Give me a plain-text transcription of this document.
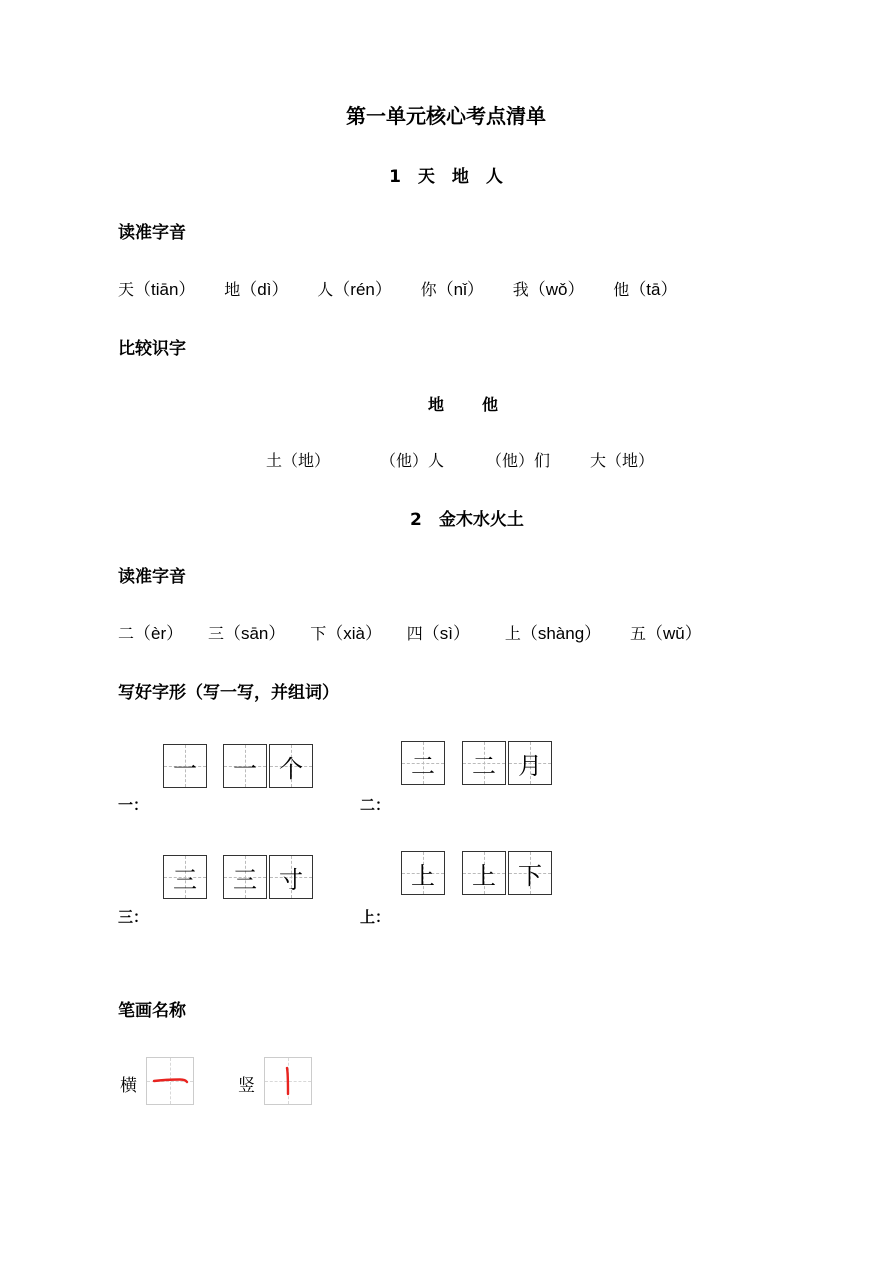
第一单元核心考点清单
1　天　地　人
读准字音
天（tiān） 地（dì） 人（rén） 你（nǐ） 我（wǒ） 他（tā）
比较识字
地 他
土（地）	（他）人	（他）们 大（地）
2　金木水火土
读准字音
二（èr） 三（sān） 下（xià） 四（sì） 上（shàng） 五（wǔ）
写好字形（写一写，并组词）
一：
一 一 个
二：
二 二 月
三：
三 三 寸
上：
上 上 下
笔画名称
横	竖
